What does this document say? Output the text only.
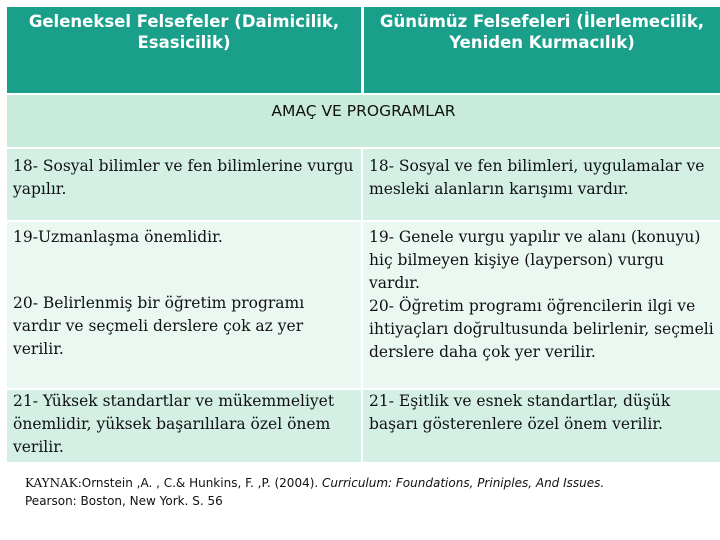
Geleneksel Felsefeler (Daimicilik, Esasicilik)
Günümüz Felsefeleri (İlerlemecilik, Yeniden Kurmacılık)
AMAÇ VE PROGRAMLAR

18- Sosyal bilimler ve fen bilimlerine vurgu yapılır.

18- Sosyal ve fen bilimleri, uygulamalar ve mesleki alanların karışımı vardır.

19-Uzmanlaşma önemlidir.

20- Belirlenmiş bir öğretim programı vardır ve seçmeli derslere çok az yer verilir.

19- Genele vurgu yapılır ve alanı (konuyu) hiç bilmeyen kişiye (layperson) vurgu vardır.

20- Öğretim programı öğrencilerin ilgi ve ihtiyaçları doğrultusunda belirlenir, seçmeli derslere daha çok yer verilir.

21- Yüksek standartlar ve mükemmeliyet önemlidir, yüksek başarılılara özel önem verilir.

21- Eşitlik ve esnek standartlar, düşük başarı gösterenlere özel önem verilir.

KAYNAK:Ornstein ,A. , C.& Hunkins, F. ,P. (2004). Curriculum: Foundations, Priniples, And Issues.
Pearson: Boston, New York. S. 56
